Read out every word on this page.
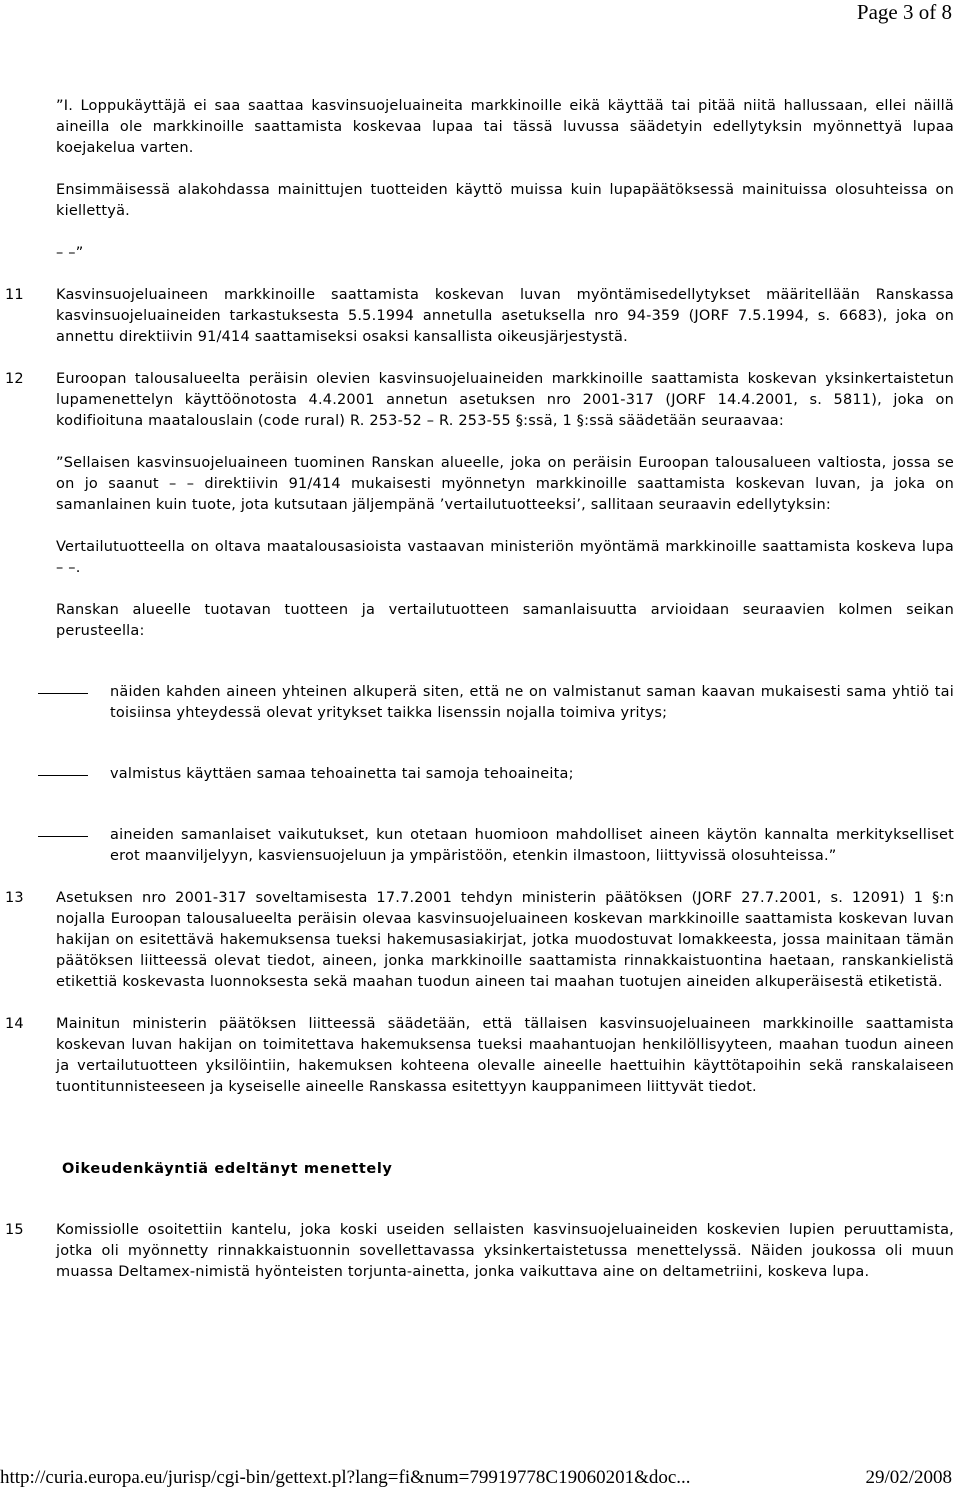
Page 3 of 8

”I. Loppukäyttäjä ei saa saattaa kasvinsuojeluaineita markkinoille eikä käyttää tai pitää niitä hallussaan, ellei näillä aineilla ole markkinoille saattamista koskevaa lupaa tai tässä luvussa säädetyin edellytyksin myönnettyä lupaa koejakelua varten.

Ensimmäisessä alakohdassa mainittujen tuotteiden käyttö muissa kuin lupapäätöksessä mainituissa olosuhteissa on kiellettyä.

– –”

11 Kasvinsuojeluaineen markkinoille saattamista koskevan luvan myöntämisedellytykset määritellään Ranskassa kasvinsuojeluaineiden tarkastuksesta 5.5.1994 annetulla asetuksella nro 94-359 (JORF 7.5.1994, s. 6683), joka on annettu direktiivin 91/414 saattamiseksi osaksi kansallista oikeusjärjestystä.

12 Euroopan talousalueelta peräisin olevien kasvinsuojeluaineiden markkinoille saattamista koskevan yksinkertaistetun lupamenettelyn käyttöönotosta 4.4.2001 annetun asetuksen nro 2001-317 (JORF 14.4.2001, s. 5811), joka on kodifioituna maatalouslain (code rural) R. 253-52 – R. 253-55 §:ssä, 1 §:ssä säädetään seuraavaa:

”Sellaisen kasvinsuojeluaineen tuominen Ranskan alueelle, joka on peräisin Euroopan talousalueen valtiosta, jossa se on jo saanut – – direktiivin 91/414 mukaisesti myönnetyn markkinoille saattamista koskevan luvan, ja joka on samanlainen kuin tuote, jota kutsutaan jäljempänä ’vertailutuotteeksi’, sallitaan seuraavin edellytyksin:

Vertailutuotteella on oltava maatalousasioista vastaavan ministeriön myöntämä markkinoille saattamista koskeva lupa – –.

Ranskan alueelle tuotavan tuotteen ja vertailutuotteen samanlaisuutta arvioidaan seuraavien kolmen seikan perusteella:

näiden kahden aineen yhteinen alkuperä siten, että ne on valmistanut saman kaavan mukaisesti sama yhtiö tai toisiinsa yhteydessä olevat yritykset taikka lisenssin nojalla toimiva yritys;

valmistus käyttäen samaa tehoainetta tai samoja tehoaineita;

aineiden samanlaiset vaikutukset, kun otetaan huomioon mahdolliset aineen käytön kannalta merkitykselliset erot maanviljelyyn, kasviensuojeluun ja ympäristöön, etenkin ilmastoon, liittyvissä olosuhteissa.”

13 Asetuksen nro 2001-317 soveltamisesta 17.7.2001 tehdyn ministerin päätöksen (JORF 27.7.2001, s. 12091) 1 §:n nojalla Euroopan talousalueelta peräisin olevaa kasvinsuojeluaineen koskevan markkinoille saattamista koskevan luvan hakijan on esitettävä hakemuksensa tueksi hakemusasiakirjat, jotka muodostuvat lomakkeesta, jossa mainitaan tämän päätöksen liitteessä olevat tiedot, aineen, jonka markkinoille saattamista rinnakkaistuontina haetaan, ranskankielistä etikettiä koskevasta luonnoksesta sekä maahan tuodun aineen tai maahan tuotujen aineiden alkuperäisestä etiketistä.

14 Mainitun ministerin päätöksen liitteessä säädetään, että tällaisen kasvinsuojeluaineen markkinoille saattamista koskevan luvan hakijan on toimitettava hakemuksensa tueksi maahantuojan henkilöllisyyteen, maahan tuodun aineen ja vertailutuotteen yksilöintiin, hakemuksen kohteena olevalle aineelle haettuihin käyttötapoihin sekä ranskalaiseen tuontitunnisteeseen ja kyseiselle aineelle Ranskassa esitettyyn kauppanimeen liittyvät tiedot.

Oikeudenkäyntiä edeltänyt menettely

15 Komissiolle osoitettiin kantelu, joka koski useiden sellaisten kasvinsuojeluaineiden koskevien lupien peruuttamista, jotka oli myönnetty rinnakkaistuonnin sovellettavassa yksinkertaistetussa menettelyssä. Näiden joukossa oli muun muassa Deltamex-nimistä hyönteisten torjunta-ainetta, jonka vaikuttava aine on deltametriini, koskeva lupa.

http://curia.europa.eu/jurisp/cgi-bin/gettext.pl?lang=fi&num=79919778C19060201&doc...	29/02/2008
